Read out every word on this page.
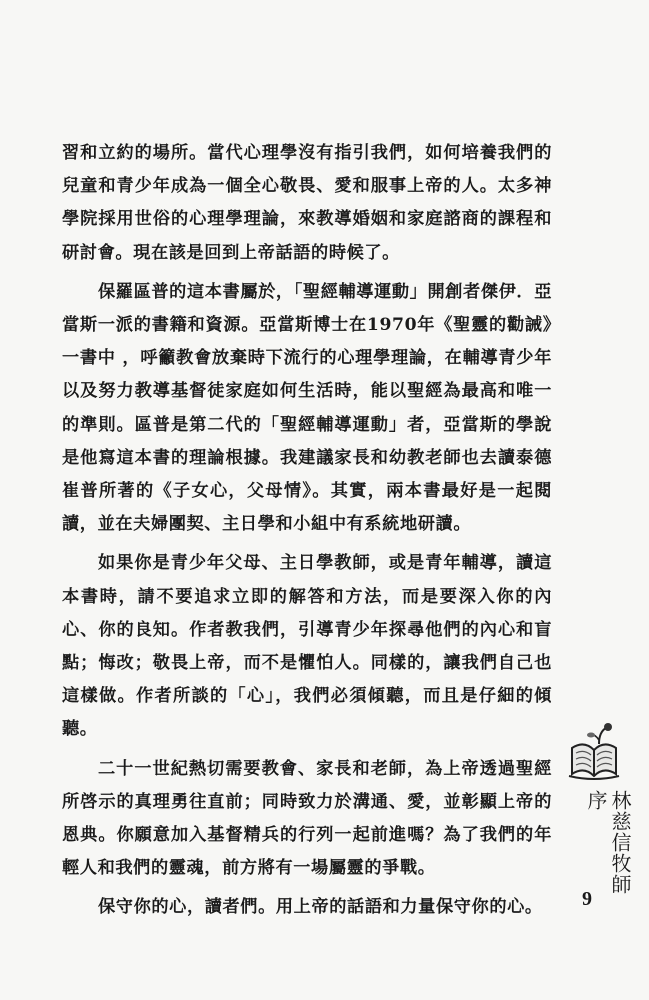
習和立約的場所。當代心理學沒有指引我們，如何培養我們的兒童和青少年成為一個全心敬畏、愛和服事上帝的人。太多神學院採用世俗的心理學理論，來教導婚姻和家庭諮商的課程和研討會。現在該是回到上帝話語的時候了。

保羅區普的這本書屬於，「聖經輔導運動」開創者傑伊．亞當斯一派的書籍和資源。亞當斯博士在1970年《聖靈的勸誡》一書中 ，呼籲教會放棄時下流行的心理學理論，在輔導青少年以及努力教導基督徒家庭如何生活時，能以聖經為最高和唯一的準則。區普是第二代的「聖經輔導運動」者，亞當斯的學說是他寫這本書的理論根據。我建議家長和幼教老師也去讀泰德崔普所著的《子女心，父母情》。其實，兩本書最好是一起閱讀，並在夫婦團契、主日學和小組中有系統地研讀。

如果你是青少年父母、主日學教師，或是青年輔導，讀這本書時，請不要追求立即的解答和方法，而是要深入你的內心、你的良知。作者教我們，引導青少年探尋他們的內心和盲點；悔改；敬畏上帝，而不是懼怕人。同樣的，讓我們自己也這樣做。作者所談的「心」，我們必須傾聽，而且是仔細的傾聽。

二十一世紀熱切需要教會、家長和老師，為上帝透過聖經所啓示的真理勇往直前；同時致力於溝通、愛，並彰顯上帝的恩典。你願意加入基督精兵的行列一起前進嗎？為了我們的年輕人和我們的靈魂，前方將有一場屬靈的爭戰。

保守你的心，讀者們。用上帝的話語和力量保守你的心。

林慈信牧師序
9
